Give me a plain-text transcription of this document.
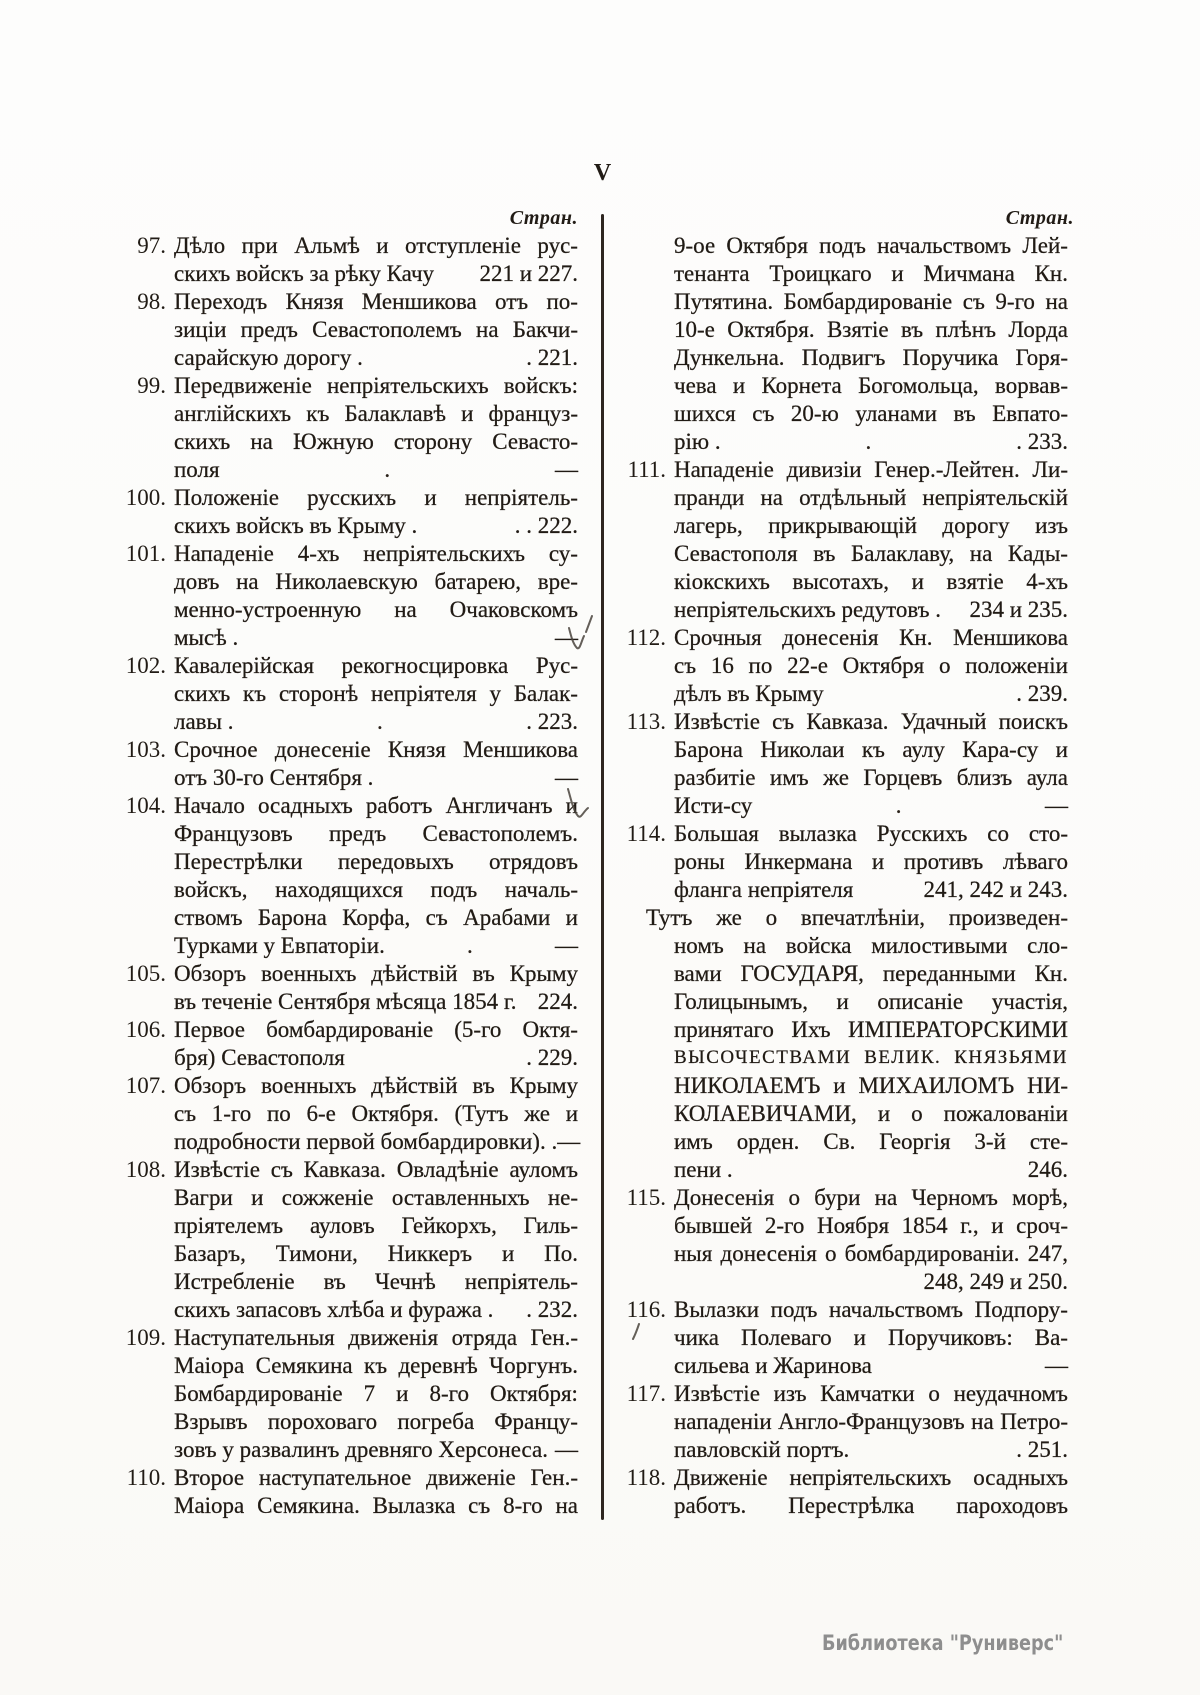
V
Стран.	Стран.
97. Дѣло при Альмѣ и отступленіе рус-
скихъ войскъ за рѣку Качу 221 и 227.
98. Переходъ Князя Меншикова отъ по-
зиціи предъ Севастополемъ на Бакчи-
сарайскую дорогу .	. 221.
99. Передвиженіе непріятельскихъ войскъ:
англійскихъ къ Балаклавѣ и француз-
скихъ на Южную сторону Севасто-
поля	.	—
100. Положеніе русскихъ и непріятель-
скихъ войскъ въ Крыму .	. . 222.
101. Нападеніе 4-хъ непріятельскихъ су-
довъ на Николаевскую батарею, вре-
менно-устроенную на Очаковскомъ
мысѣ .	—
102. Кавалерійская рекогносцировка Рус-
скихъ къ сторонѣ непріятеля у Балак-
лавы .	.	. 223.
103. Срочное донесеніе Князя Меншикова
отъ 30-го Сентября .	—
104. Начало осадныхъ работъ Англичанъ и
Французовъ предъ Севастополемъ.
Перестрѣлки передовыхъ отрядовъ
войскъ, находящихся подъ началь-
ствомъ Барона Корфа, съ Арабами и
Турками у Евпаторіи.	.	—
105. Обзоръ военныхъ дѣйствій въ Крыму
въ теченіе Сентября мѣсяца 1854 г. 224.
106. Первое бомбардированіе (5-го Октя-
бря) Севастополя	. 229.
107. Обзоръ военныхъ дѣйствій въ Крыму
съ 1-го по 6-е Октября. (Тутъ же и
подробности первой бомбардировки). . —
108. Извѣстіе съ Кавказа. Овладѣніе ауломъ
Вагри и сожженіе оставленныхъ не-
пріятелемъ ауловъ Гейкорхъ, Гиль-
Базаръ, Тимони, Никкеръ и По.
Истребленіе въ Чечнѣ непріятель-
скихъ запасовъ хлѣба и фуража . . 232.
109. Наступательныя движенія отряда Ген.-
Маіора Семякина къ деревнѣ Чоргунъ.
Бомбардированіе 7 и 8-го Октября:
Взрывъ пороховаго погреба Францу-
зовъ у развалинъ древняго Херсонеса. —
110. Второе наступательное движеніе Ген.-
Маіора Семякина. Вылазка съ 8-го на
9-ое Октября подъ начальствомъ Лей-
тенанта Троицкаго и Мичмана Кн.
Путятина. Бомбардированіе съ 9-го на
10-е Октября. Взятіе въ плѣнъ Лорда
Дункельна. Подвигъ Поручика Горя-
чева и Корнета Богомольца, ворвав-
шихся съ 20-ю уланами въ Евпато-
рію .	.	. 233.
111. Нападеніе дивизіи Генер.-Лейтен. Ли-
пранди на отдѣльный непріятельскій
лагерь, прикрывающій дорогу изъ
Севастополя въ Балаклаву, на Кады-
кіокскихъ высотахъ, и взятіе 4-хъ
непріятельскихъ редутовъ . 234 и 235.
112. Срочныя донесенія Кн. Меншикова
съ 16 по 22-е Октября о положеніи
дѣлъ въ Крыму	. 239.
113. Извѣстіе съ Кавказа. Удачный поискъ
Барона Николаи къ аулу Кара-су и
разбитіе имъ же Горцевъ близъ аула
Исти-су	.	—
114. Большая вылазка Русскихъ со сто-
роны Инкермана и противъ лѣваго
фланга непріятеля	241, 242 и 243.
Тутъ же о впечатлѣніи, произведен-
номъ на войска милостивыми сло-
вами ГОСУДАРЯ, переданными Кн.
Голицынымъ, и описаніе участія,
принятаго Ихъ ИМПЕРАТОРСКИМИ
ВЫСОЧЕСТВАМИ ВЕЛИК. КНЯЗЬЯМИ
НИКОЛАЕМЪ и МИХАИЛОМЪ НИ-
КОЛАЕВИЧАМИ, и о пожалованіи
имъ орден. Св. Георгія 3-й сте-
пени .	246.
115. Донесенія о бури на Черномъ морѣ,
бывшей 2-го Ноября 1854 г., и сроч-
ныя донесенія о бомбардированіи. 247,
248, 249 и 250.
116. Вылазки подъ начальствомъ Подпору-
чика Полеваго и Поручиковъ: Ва-
сильева и Жаринова	—
117. Извѣстіе изъ Камчатки о неудачномъ
нападеніи Англо-Французовъ на Петро-
павловскій портъ.	. 251.
118. Движеніе непріятельскихъ осадныхъ
работъ. Перестрѣлка пароходовъ
Библиотека "Руниверс"
